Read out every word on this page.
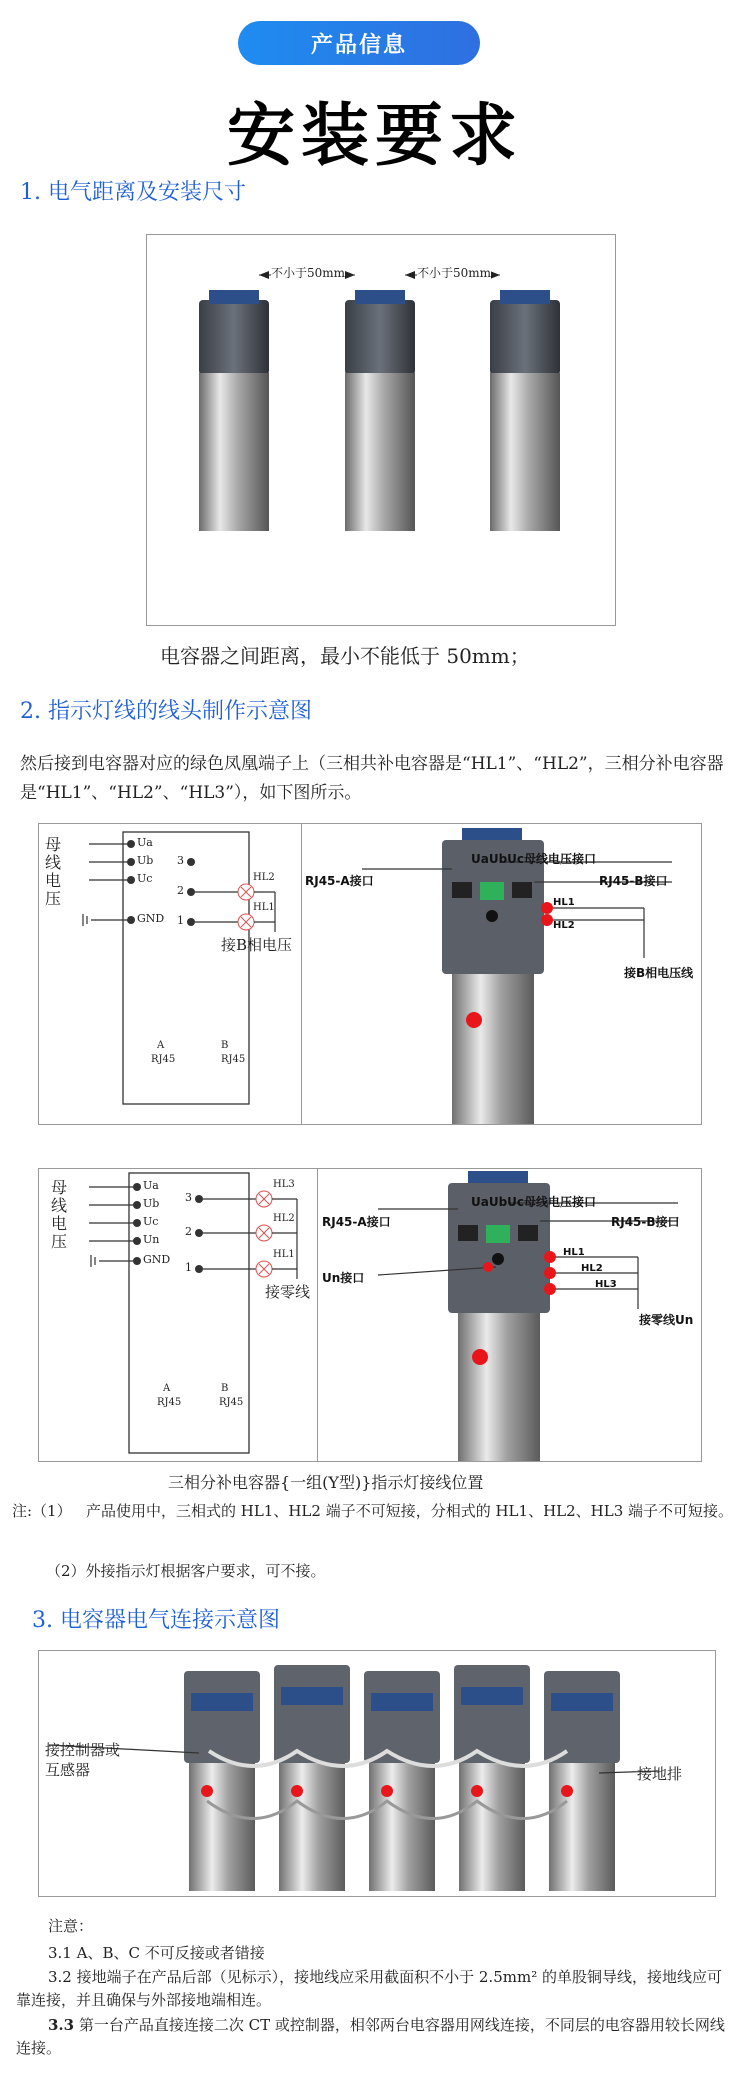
产品信息
安装要求
1. 电气距离及安装尺寸
不小于50mm	不小于50mm
电容器之间距离，最小不能低于 50mm；
2. 指示灯线的线头制作示意图
然后接到电容器对应的绿色凤凰端子上（三相共补电容器是“HL1”、“HL2”，三相分补电容器是“HL1”、“HL2”、“HL3”），如下图所示。
母线电压
Ua
Ub
Uc
GND
3
2
1
HL2
HL1
接B相电压
A
RJ45
B
RJ45
UaUbUc母线电压接口
RJ45-A接口	RJ45-B接口
HL1
HL2
接B相电压线
母线电压
Ua
Ub
Uc
Un
GND
3
2
1
HL3
HL2
HL1
接零线
A
RJ45
B
RJ45
UaUbUc母线电压接口
RJ45-A接口	RJ45-B接口
Un接口
HL1
HL2
HL3
接零线Un
三相分补电容器{一组(Y型)}指示灯接线位置
注:（1） 产品使用中，三相式的 HL1、HL2 端子不可短接，分相式的 HL1、HL2、HL3 端子不可短接。
（2）外接指示灯根据客户要求，可不接。
3. 电容器电气连接示意图
接控制器或
互感器	接地排
注意：
3.1 A、B、C 不可反接或者错接
3.2 接地端子在产品后部（见标示），接地线应采用截面积不小于 2.5mm² 的单股铜导线，接地线应可靠连接，并且确保与外部接地端相连。
3.3 第一台产品直接连接二次 CT 或控制器，相邻两台电容器用网线连接，不同层的电容器用较长网线连接。
